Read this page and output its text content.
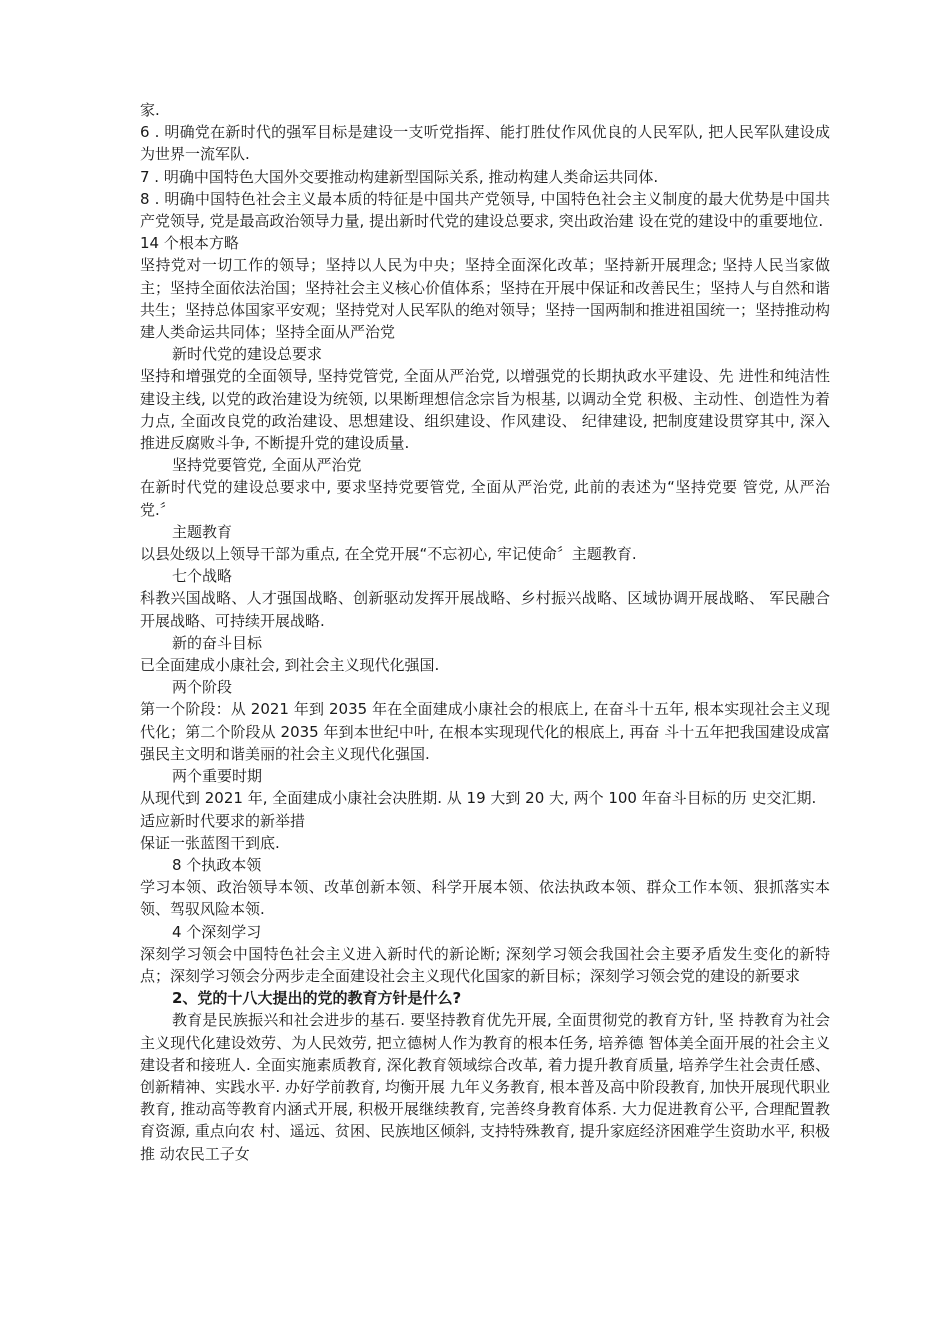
家.

6 . 明确党在新时代的强军目标是建设一支听党指挥、能打胜仗作风优良的人民军队, 把人民军队建设成为世界一流军队.

7 . 明确中国特色大国外交要推动构建新型国际关系, 推动构建人类命运共同体.

8 . 明确中国特色社会主义最本质的特征是中国共产党领导, 中国特色社会主义制度的最大优势是中国共产党领导, 党是最高政治领导力量, 提出新时代党的建设总要求, 突出政治建 设在党的建设中的重要地位.

14 个根本方略

坚持党对一切工作的领导；坚持以人民为中央；坚持全面深化改革；坚持新开展理念; 坚持人民当家做主；坚持全面依法治国；坚持社会主义核心价值体系；坚持在开展中保证和改善民生；坚持人与自然和谐共生；坚持总体国家平安观；坚持党对人民军队的绝对领导；坚持一国两制和推进祖国统一；坚持推动构建人类命运共同体；坚持全面从严治党

新时代党的建设总要求

坚持和增强党的全面领导, 坚持党管党, 全面从严治党, 以增强党的长期执政水平建设、先 进性和纯洁性建设主线, 以党的政治建设为统领, 以果断理想信念宗旨为根基, 以调动全党 积极、主动性、创造性为着力点, 全面改良党的政治建设、思想建设、组织建设、作风建设、 纪律建设, 把制度建设贯穿其中, 深入推进反腐败斗争, 不断提升党的建设质量.

坚持党要管党, 全面从严治党

在新时代党的建设总要求中, 要求坚持党要管党, 全面从严治党, 此前的表述为“坚持党要 管党, 从严治党.〞

主题教育

以县处级以上领导干部为重点, 在全党开展“不忘初心, 牢记使命〞主题教育.

七个战略

科教兴国战略、人才强国战略、创新驱动发挥开展战略、乡村振兴战略、区域协调开展战略、 军民融合开展战略、可持续开展战略.

新的奋斗目标

已全面建成小康社会, 到社会主义现代化强国.

两个阶段

第一个阶段：从 2021 年到 2035 年在全面建成小康社会的根底上, 在奋斗十五年, 根本实现社会主义现代化；第二个阶段从 2035 年到本世纪中叶, 在根本实现现代化的根底上, 再奋 斗十五年把我国建设成富强民主文明和谐美丽的社会主义现代化强国.

两个重要时期

从现代到 2021 年, 全面建成小康社会决胜期. 从 19 大到 20 大, 两个 100 年奋斗目标的历 史交汇期.

适应新时代要求的新举措

保证一张蓝图干到底.

8 个执政本领

学习本领、政治领导本领、改革创新本领、科学开展本领、依法执政本领、群众工作本领、狠抓落实本领、驾驭风险本领.

4 个深刻学习

深刻学习领会中国特色社会主义进入新时代的新论断; 深刻学习领会我国社会主要矛盾发生变化的新特点；深刻学习领会分两步走全面建设社会主义现代化国家的新目标；深刻学习领会党的建设的新要求

2、党的十八大提出的党的教育方针是什么?

教育是民族振兴和社会进步的基石. 要坚持教育优先开展, 全面贯彻党的教育方针, 坚 持教育为社会主义现代化建设效劳、为人民效劳, 把立德树人作为教育的根本任务, 培养德 智体美全面开展的社会主义建设者和接班人. 全面实施素质教育, 深化教育领域综合改革, 着力提升教育质量, 培养学生社会责任感、创新精神、实践水平. 办好学前教育, 均衡开展 九年义务教育, 根本普及高中阶段教育, 加快开展现代职业教育, 推动高等教育内涵式开展, 积极开展继续教育, 完善终身教育体系. 大力促进教育公平, 合理配置教育资源, 重点向农 村、遥远、贫困、民族地区倾斜, 支持特殊教育, 提升家庭经济困难学生资助水平, 积极推 动农民工子女
